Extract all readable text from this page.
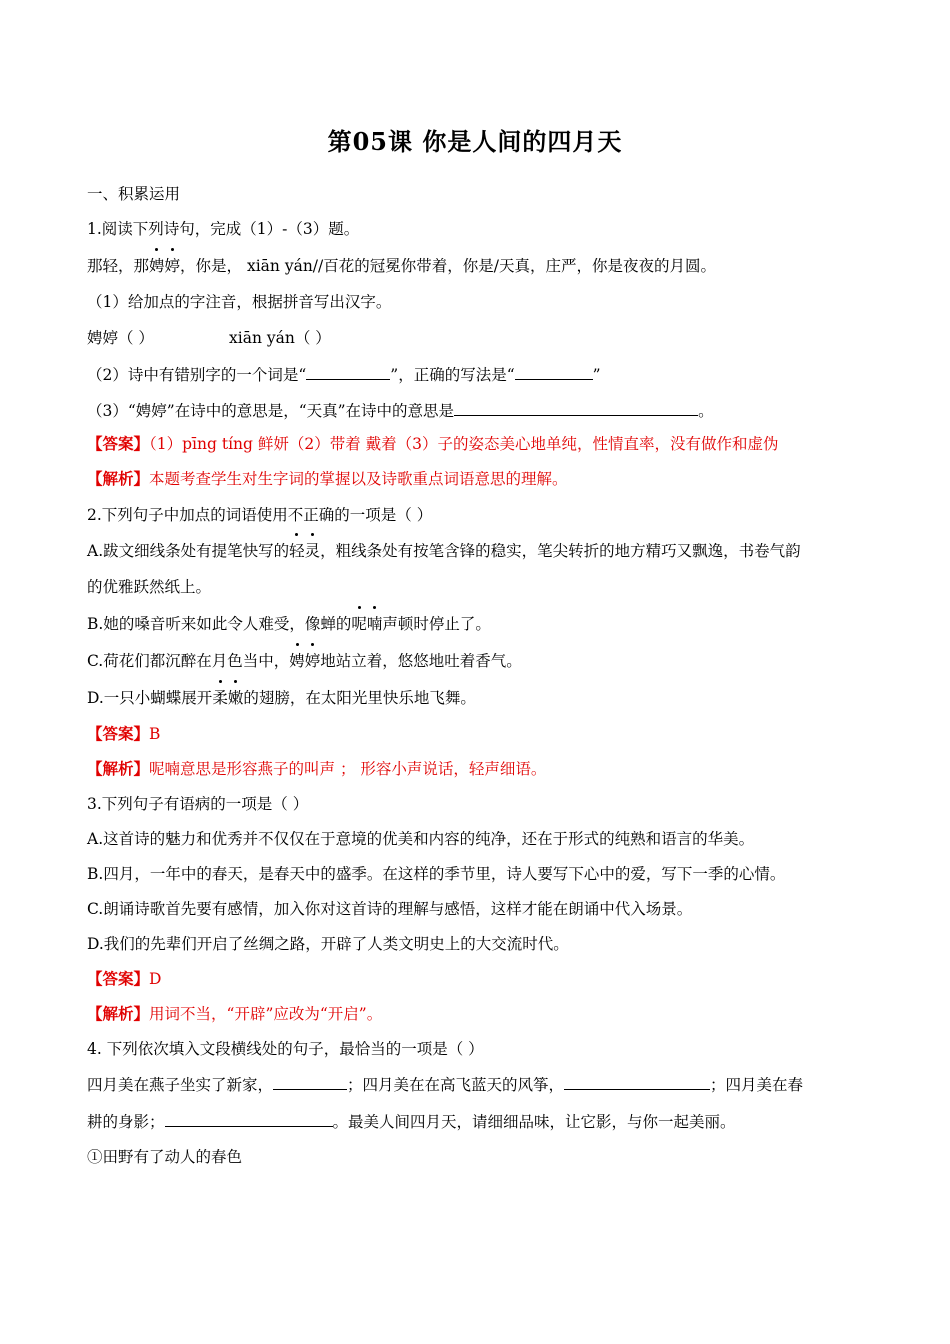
第05课 你是人间的四月天
一、积累运用
1.阅读下列诗句，完成（1）-（3）题。
那轻，那娉婷，你是， xiān yán//百花的冠冕你带着，你是/天真，庄严，你是夜夜的月圆。
（1）给加点的字注音，根据拼音写出汉字。
娉婷（ ）	xiān yán（ ）
（2）诗中有错别字的一个词是“	”，正确的写法是“	”
（3）“娉婷”在诗中的意思是，“天真”在诗中的意思是	。
【答案】（1）pīng tíng 鲜妍（2）带着 戴着（3）子的姿态美心地单纯，性情直率，没有做作和虚伪
【解析】本题考查学生对生字词的掌握以及诗歌重点词语意思的理解。
2.下列句子中加点的词语使用不正确的一项是（ ）
A.跋文细线条处有提笔快写的轻灵，粗线条处有按笔含锋的稳实，笔尖转折的地方精巧又飘逸，书卷气韵
的优雅跃然纸上。
B.她的嗓音听来如此令人难受，像蝉的呢喃声顿时停止了。
C.荷花们都沉醉在月色当中，娉婷地站立着，悠悠地吐着香气。
D.一只小蝴蝶展开柔嫩的翅膀，在太阳光里快乐地飞舞。
【答案】B
【解析】呢喃意思是形容燕子的叫声 ； 形容小声说话，轻声细语。
3.下列句子有语病的一项是（ ）
A.这首诗的魅力和优秀并不仅仅在于意境的优美和内容的纯净，还在于形式的纯熟和语言的华美。
B.四月，一年中的春天，是春天中的盛季。在这样的季节里，诗人要写下心中的爱，写下一季的心情。
C.朗诵诗歌首先要有感情，加入你对这首诗的理解与感悟，这样才能在朗诵中代入场景。
D.我们的先辈们开启了丝绸之路，开辟了人类文明史上的大交流时代。
【答案】D
【解析】用词不当，“开辟”应改为“开启”。
4. 下列依次填入文段横线处的句子，最恰当的一项是（ ）
四月美在燕子坐实了新家，	；四月美在在高飞蓝天的风筝，	；四月美在春
耕的身影；	。最美人间四月天，请细细品味，让它影，与你一起美丽。
①田野有了动人的春色
